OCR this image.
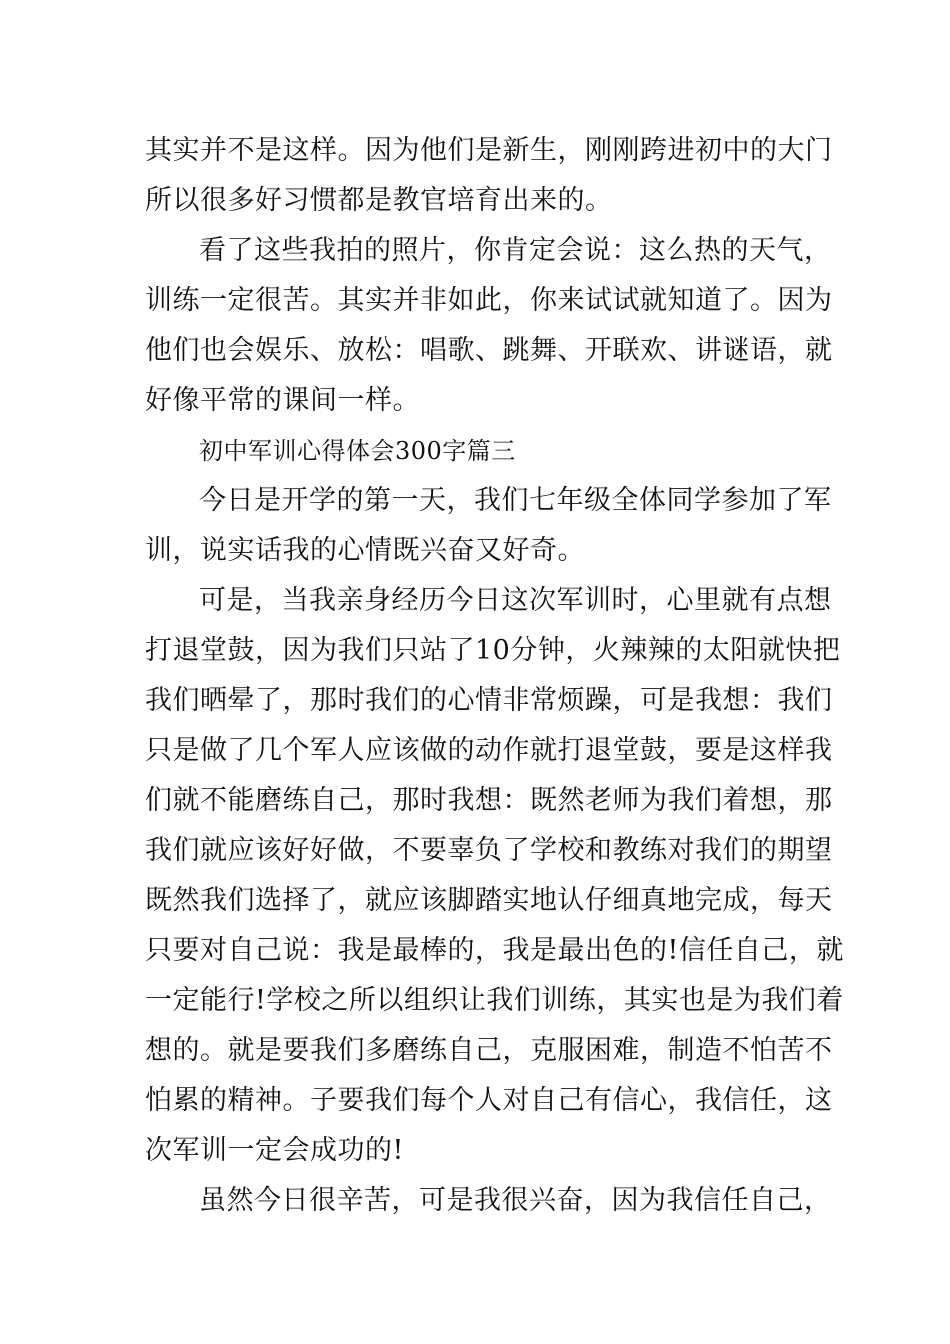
其实并不是这样。因为他们是新生，刚刚跨进初中的大门
所以很多好习惯都是教官培育出来的。
看了这些我拍的照片，你肯定会说：这么热的天气，
训练一定很苦。其实并非如此，你来试试就知道了。因为
他们也会娱乐、放松：唱歌、跳舞、开联欢、讲谜语，就
好像平常的课间一样。
初中军训心得体会300字篇三
今日是开学的第一天，我们七年级全体同学参加了军
训，说实话我的心情既兴奋又好奇。
可是，当我亲身经历今日这次军训时，心里就有点想
打退堂鼓，因为我们只站了10分钟，火辣辣的太阳就快把
我们晒晕了，那时我们的心情非常烦躁，可是我想：我们
只是做了几个军人应该做的动作就打退堂鼓，要是这样我
们就不能磨练自己，那时我想：既然老师为我们着想，那
我们就应该好好做，不要辜负了学校和教练对我们的期望
既然我们选择了，就应该脚踏实地认仔细真地完成，每天
只要对自己说：我是最棒的，我是最出色的!信任自己，就
一定能行!学校之所以组织让我们训练，其实也是为我们着
想的。就是要我们多磨练自己，克服困难，制造不怕苦不
怕累的精神。子要我们每个人对自己有信心，我信任，这
次军训一定会成功的!
虽然今日很辛苦，可是我很兴奋，因为我信任自己，
